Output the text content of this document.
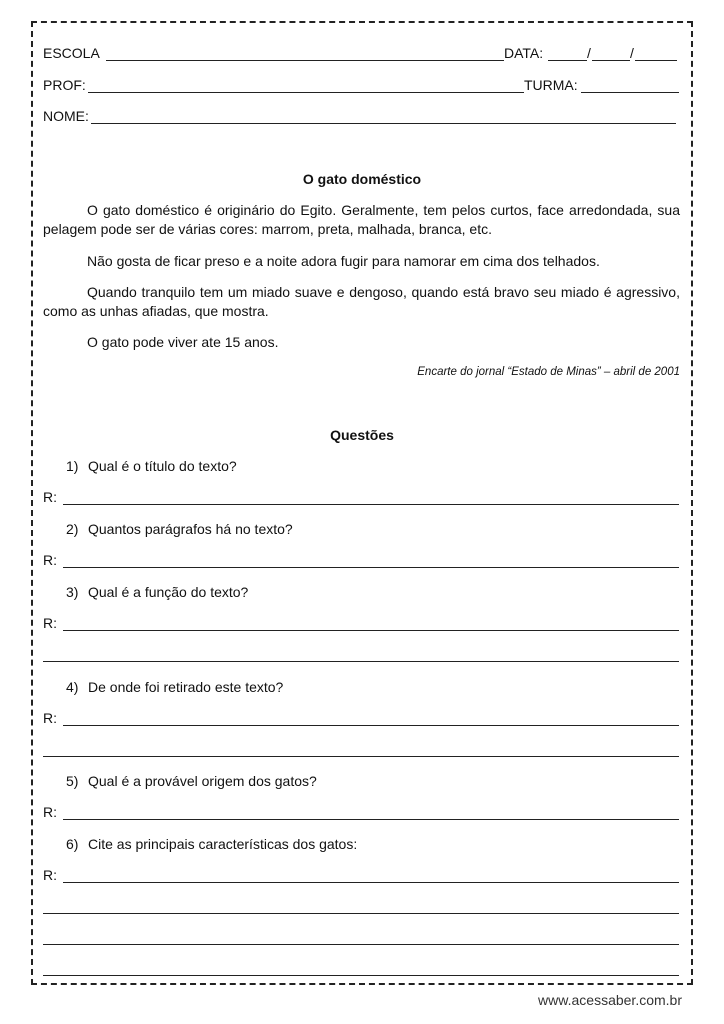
ESCOLA	DATA:	/	/
PROF:	TURMA:
NOME:
O gato doméstico
O gato doméstico é originário do Egito. Geralmente, tem pelos curtos, face arredondada, sua pelagem pode ser de várias cores: marrom, preta, malhada, branca, etc.
Não gosta de ficar preso e a noite adora fugir para namorar em cima dos telhados.
Quando tranquilo tem um miado suave e dengoso, quando está bravo seu miado é agressivo, como as unhas afiadas, que mostra.
O gato pode viver ate 15 anos.
Encarte do jornal “Estado de Minas” – abril de 2001
Questões
1) Qual é o título do texto?
R:
2) Quantos parágrafos há no texto?
R:
3) Qual é a função do texto?
R:
4) De onde foi retirado este texto?
R:
5) Qual é a provável origem dos gatos?
R:
6) Cite as principais características dos gatos:
R:
www.acessaber.com.br
